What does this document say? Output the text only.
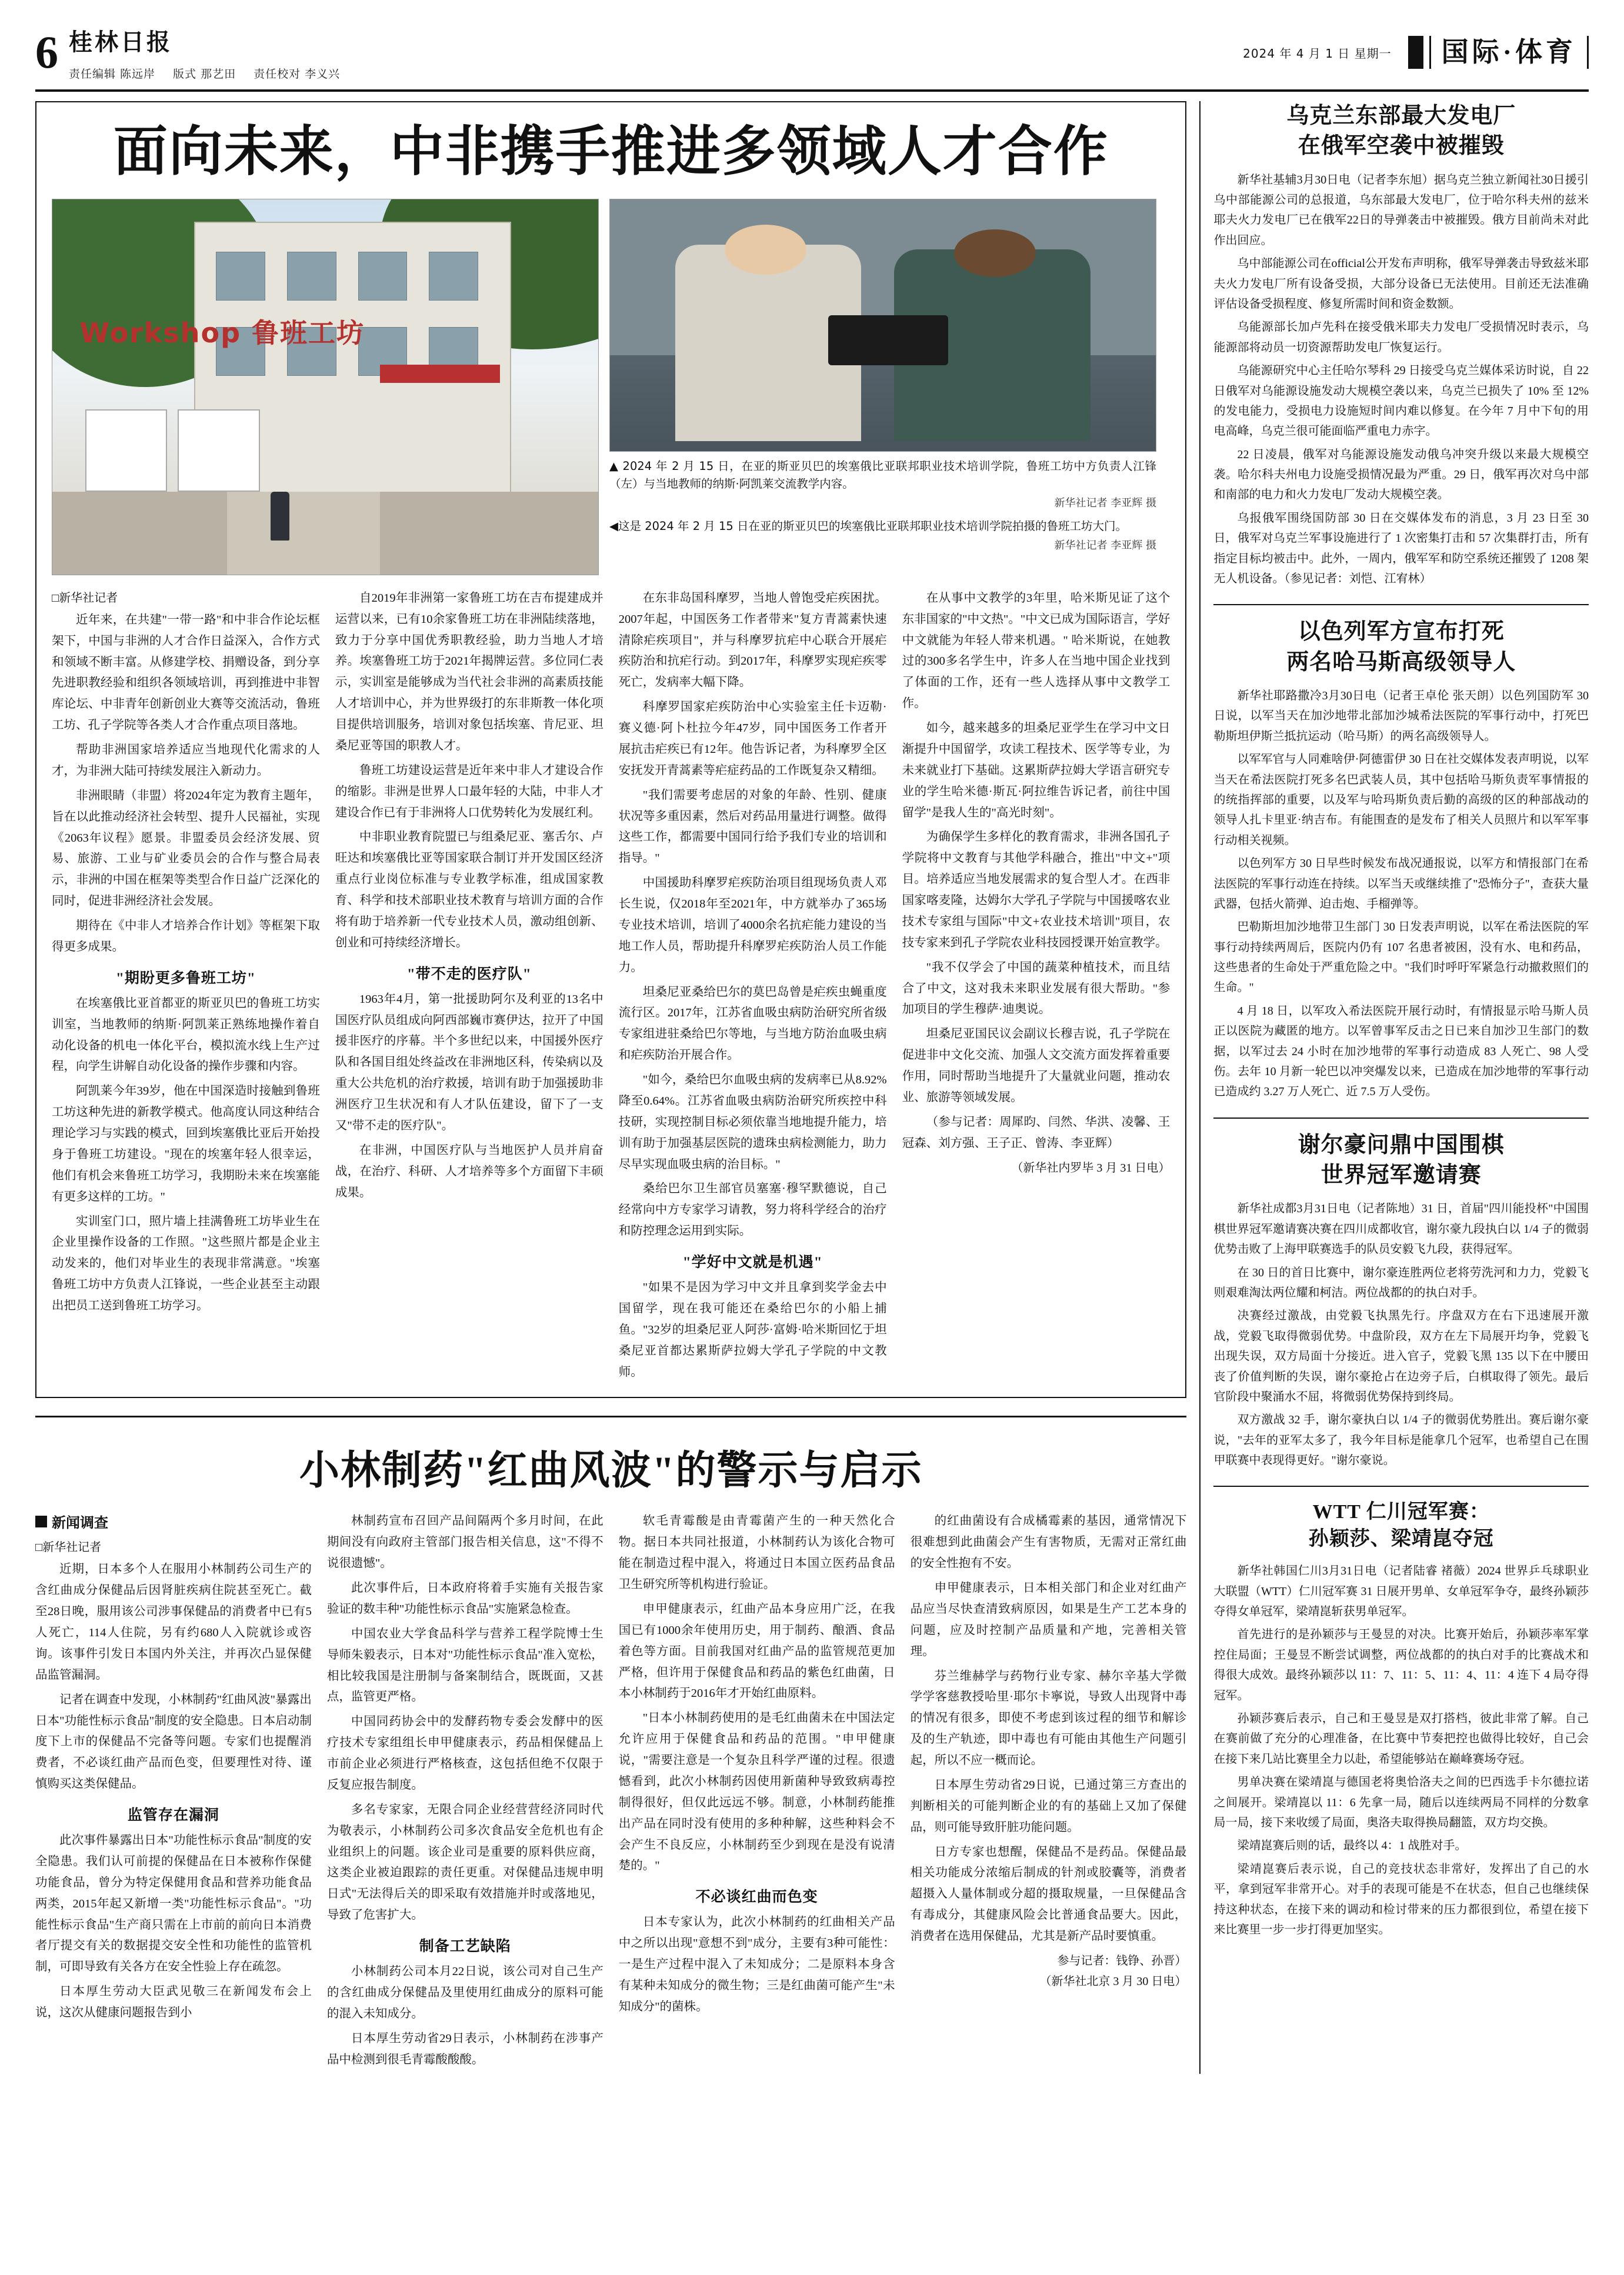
6 桂林日报
责任编辑 陈远岸 版式 那艺田 责任校对 李义兴
2024 年 4 月 1 日 星期一	国际·体育
面向未来，中非携手推进多领域人才合作
Workshop 鲁班工坊
▲ 2024 年 2 月 15 日，在亚的斯亚贝巴的埃塞俄比亚联邦职业技术培训学院，鲁班工坊中方负责人江锋（左）与当地教师的纳斯·阿凯莱交流教学内容。
新华社记者 李亚辉 摄
◀这是 2024 年 2 月 15 日在亚的斯亚贝巴的埃塞俄比亚联邦职业技术培训学院拍摄的鲁班工坊大门。
新华社记者 李亚辉 摄
□新华社记者

近年来，在共建"一带一路"和中非合作论坛框架下，中国与非洲的人才合作日益深入，合作方式和领域不断丰富。从修建学校、捐赠设备，到分享先进职教经验和组织各领域培训，再到推进中非智库论坛、中非青年创新创业大赛等交流活动，鲁班工坊、孔子学院等各类人才合作重点项目落地。

帮助非洲国家培养适应当地现代化需求的人才，为非洲大陆可持续发展注入新动力。

非洲眼睛（非盟）将2024年定为教育主题年，旨在以此推动经济社会转型、提升人民福祉，实现《2063年议程》愿景。非盟委员会经济发展、贸易、旅游、工业与矿业委员会的合作与整合局表示，非洲的中国在框架等类型合作日益广泛深化的同时，促进非洲经济社会发展。

期待在《中非人才培养合作计划》等框架下取得更多成果。

"期盼更多鲁班工坊"

在埃塞俄比亚首都亚的斯亚贝巴的鲁班工坊实训室，当地教师的纳斯·阿凯莱正熟练地操作着自动化设备的机电一体化平台，模拟流水线上生产过程，向学生讲解自动化设备的操作步骤和内容。

阿凯莱今年39岁，他在中国深造时接触到鲁班工坊这种先进的新教学模式。他高度认同这种结合理论学习与实践的模式，回到埃塞俄比亚后开始投身于鲁班工坊建设。"现在的埃塞年轻人很幸运，他们有机会来鲁班工坊学习，我期盼未来在埃塞能有更多这样的工坊。"

实训室门口，照片墙上挂满鲁班工坊毕业生在企业里操作设备的工作照。"这些照片都是企业主动发来的，他们对毕业生的表现非常满意。"埃塞鲁班工坊中方负责人江锋说，一些企业甚至主动跟出把员工送到鲁班工坊学习。

自2019年非洲第一家鲁班工坊在吉布提建成并运营以来，已有10余家鲁班工坊在非洲陆续落地，致力于分享中国优秀职教经验，助力当地人才培养。埃塞鲁班工坊于2021年揭牌运营。多位同仁表示，实训室是能够成为当代社会非洲的高素质技能人才培训中心，并为世界级打的东非斯教一体化项目提供培训服务，培训对象包括埃塞、肯尼亚、坦桑尼亚等国的职教人才。

鲁班工坊建设运营是近年来中非人才建设合作的缩影。非洲是世界人口最年轻的大陆，中非人才建设合作已有于非洲将人口优势转化为发展红利。

中非职业教育院盟已与组桑尼亚、塞舌尔、卢旺达和埃塞俄比亚等国家联合制订并开发国区经济重点行业岗位标准与专业教学标准，组成国家教育、科学和技术部职业技术教育与培训方面的合作将有助于培养新一代专业技术人员，激动组创新、创业和可持续经济增长。

"带不走的医疗队"

1963年4月，第一批援助阿尔及利亚的13名中国医疗队员组成向阿西部巍市赛伊达，拉开了中国援非医疗的序幕。半个多世纪以来，中国援外医疗队和各国目组处终益改在非洲地区科，传染病以及重大公共危机的治疗救援，培训有助于加强援助非洲医疗卫生状况和有人才队伍建设，留下了一支又"带不走的医疗队"。

在非洲，中国医疗队与当地医护人员并肩奋战，在治疗、科研、人才培养等多个方面留下丰硕成果。

在东非岛国科摩罗，当地人曾饱受疟疾困扰。2007年起，中国医务工作者带来"复方青蒿素快速清除疟疾项目"，并与科摩罗抗疟中心联合开展疟疾防治和抗疟行动。到2017年，科摩罗实现疟疾零死亡，发病率大幅下降。

科摩罗国家疟疾防治中心实验室主任卡迈勒·赛义德·阿卜杜拉今年47岁，同中国医务工作者开展抗击疟疾已有12年。他告诉记者，为科摩罗全区安抚发开青蒿素等疟症药品的工作既复杂又精细。

"我们需要考虑居的对象的年龄、性别、健康状况等多重因素，然后对药品用量进行调整。做得这些工作，都需要中国同行给予我们专业的培训和指导。"

中国援助科摩罗疟疾防治项目组现场负责人邓长生说，仅2018年至2021年，中方就举办了365场专业技术培训，培训了4000余名抗疟能力建设的当地工作人员，帮助提升科摩罗疟疾防治人员工作能力。

坦桑尼亚桑给巴尔的莫巴岛曾是疟疾虫蝇重度流行区。2017年，江苏省血吸虫病防治研究所省级专家组进驻桑给巴尔等地，与当地方防治血吸虫病和疟疾防治开展合作。

"如今，桑给巴尔血吸虫病的发病率已从8.92%降至0.64%。江苏省血吸虫病防治研究所疾控中科技研，实现控制目标必须依靠当地地提升能力，培训有助于加强基层医院的遗珠虫病检测能力，助力尽早实现血吸虫病的治目标。"

桑给巴尔卫生部官员塞塞·穆罕默德说，自己经常向中方专家学习请教，努力将科学经合的治疗和防控理念运用到实际。

"学好中文就是机遇"

"如果不是因为学习中文并且拿到奖学金去中国留学，现在我可能还在桑给巴尔的小船上捕鱼。"32岁的坦桑尼亚人阿莎·富姆·哈米斯回忆于坦桑尼亚首都达累斯萨拉姆大学孔子学院的中文教师。

在从事中文教学的3年里，哈米斯见证了这个东非国家的"中文热"。"中文已成为国际语言，学好中文就能为年轻人带来机遇。" 哈米斯说，在她教过的300多名学生中，许多人在当地中国企业找到了体面的工作，还有一些人选择从事中文教学工作。

如今，越来越多的坦桑尼亚学生在学习中文日渐提升中国留学，攻读工程技术、医学等专业，为未来就业打下基础。这累斯萨拉姆大学语言研究专业的学生哈米德·斯瓦·阿拉维告诉记者，前往中国留学"是我人生的"高光时刻"。

为确保学生多样化的教育需求，非洲各国孔子学院将中文教育与其他学科融合，推出"中文+"项目。培养适应当地发展需求的复合型人才。在西非国家喀麦隆，达姆尔大学孔子学院与中国援喀农业技术专家组与国际"中文+农业技术培训"项目，农技专家来到孔子学院农业科技园授课开始宣教学。

"我不仅学会了中国的蔬菜种植技术，而且结合了中文，这对我未来职业发展有很大帮助。"参加项目的学生穆萨·迪奥说。

坦桑尼亚国民议会副议长穆吉说，孔子学院在促进非中文化交流、加强人文交流方面发挥着重要作用，同时帮助当地提升了大量就业问题，推动农业、旅游等领域发展。

（参与记者：周犀昀、闫然、华洪、凌馨、王冠森、刘方强、王子正、曾涛、李亚辉）

（新华社内罗毕 3 月 31 日电）
小林制药"红曲风波"的警示与启示
新闻调查
□新华社记者

近期，日本多个人在服用小林制药公司生产的含红曲成分保健品后因肾脏疾病住院甚至死亡。截至28日晚，服用该公司涉事保健品的消费者中已有5人死亡，114人住院，另有约680人入院就诊或咨询。该事件引发日本国内外关注，并再次凸显保健品监管漏洞。

记者在调查中发现，小林制药"红曲风波"暴露出日本"功能性标示食品"制度的安全隐患。日本启动制度下上市的保健品不完备等问题。专家们也提醒消费者，不必谈红曲产品而色变，但要理性对待、谨慎购买这类保健品。

监管存在漏洞

此次事件暴露出日本"功能性标示食品"制度的安全隐患。我们认可前提的保健品在日本被称作保健功能食品，曾分为特定保健用食品和营养功能食品两类，2015年起又新增一类"功能性标示食品"。"功能性标示食品"生产商只需在上市前的前向日本消费者厅提交有关的数据提交安全性和功能性的监管机制，可即导致有关各方在安全性验上存在疏忽。

日本厚生劳动大臣武见敬三在新闻发布会上说，这次从健康问题报告到小

林制药宣布召回产品间隔两个多月时间，在此期间没有向政府主管部门报告相关信息，这"不得不说很遗憾"。

此次事件后，日本政府将着手实施有关报告家验证的数丰种"功能性标示食品"实施紧急检查。

中国农业大学食品科学与营养工程学院博士生导师朱毅表示，日本对"功能性标示食品"准入宽松，相比较我国是注册制与备案制结合，既既面，又甚点，监管更严格。

中国同药协会中的发酵药物专委会发酵中的医疗技术专家组组长申甲健康表示，药品相保健品上市前企业必须进行严格核查，这包括但绝不仅限于反复应报告制度。

多名专家家，无限合同企业经营营经济同时代为敬表示，小林制药公司多次食品安全危机也有企业组织上的问题。该企业司是重要的原料供应商，这类企业被迫跟踪的责任更重。对保健品违规申明日式"无法得后关的即采取有效措施并时或落地见，导致了危害扩大。

制备工艺缺陷

小林制药公司本月22日说，该公司对自己生产的含红曲成分保健品及里使用红曲成分的原料可能的混入未知成分。

日本厚生劳动省29日表示，小林制药在涉事产品中检测到很毛青霉酸酸酸。

软毛青霉酸是由青霉菌产生的一种天然化合物。据日本共同社报道，小林制药认为该化合物可能在制造过程中混入，将通过日本国立医药品食品卫生研究所等机构进行验证。

申甲健康表示，红曲产品本身应用广泛，在我国已有1000余年使用历史，用于制药、酿酒、食品着色等方面。目前我国对红曲产品的监管规范更加严格，但许用于保健食品和药品的紫色红曲菌，日本小林制药于2016年才开始红曲原料。

"日本小林制药使用的是毛红曲菌未在中国法定允许应用于保健食品和药品的范围。"申甲健康说，"需要注意是一个复杂且科学严谨的过程。很遗憾看到，此次小林制药因使用新菌种导致致病毒控制得很好，但仅此远远不够。制意，小林制药能推出产品在同时没有使用的多种种解，这些种料会不会产生不良反应，小林制药至少到现在是没有说清楚的。"

不必谈红曲而色变

日本专家认为，此次小林制药的红曲相关产品中之所以出现"意想不到"成分，主要有3种可能性：一是生产过程中混入了未知成分；二是原料本身含有某种未知成分的微生物；三是红曲菌可能产生"未知成分"的菌株。

的红曲菌设有合成橘霉素的基因，通常情况下很难想到此曲菌会产生有害物质，无需对正常红曲的安全性抱有不安。

申甲健康表示，日本相关部门和企业对红曲产品应当尽快查清致病原因，如果是生产工艺本身的问题，应及时控制产品质量和产地，完善相关管理。

芬兰维赫学与药物行业专家、赫尔辛基大学微学学客慈教授哈里·耶尔卡寧说，导致人出现肾中毒的情况有很多，即使不考虑到该过程的细节和解诊及的生产轨迹，即中毒也有可能由其他生产问题引起，所以不应一概而论。

日本厚生劳动省29日说，已通过第三方查出的判断相关的可能判断企业的有的基础上又加了保健品，则可能导致肝脏功能问题。

日方专家也想醒，保健品不是药品。保健品最相关功能成分浓缩后制成的针剂或胶囊等，消费者超摄入人量体制或分超的摄取规量，一旦保健品含有毒成分，其健康风险会比普通食品要大。因此，消费者在选用保健品，尤其是新产品时要慎重。

参与记者：钱铮、孙晋）
（新华社北京 3 月 30 日电）
乌克兰东部最大发电厂
在俄军空袭中被摧毁

新华社基辅3月30日电（记者李东旭）据乌克兰独立新闻社30日援引乌中部能源公司的总报道，乌东部最大发电厂，位于哈尔科夫州的兹米耶夫火力发电厂已在俄军22日的导弹袭击中被摧毁。俄方目前尚未对此作出回应。

乌中部能源公司在official公开发布声明称，俄军导弹袭击导致兹米耶夫火力发电厂所有设备受损，大部分设备已无法使用。目前还无法准确评估设备受损程度、修复所需时间和资金数额。

乌能源部长加卢先科在接受俄米耶夫力发电厂受损情况时表示，乌能源部将动员一切资源帮助发电厂恢复运行。

乌能源研究中心主任哈尔琴科 29 日接受乌克兰媒体采访时说，自 22 日俄军对乌能源设施发动大规模空袭以来，乌克兰已损失了 10% 至 12% 的发电能力，受损电力设施短时间内难以修复。在今年 7 月中下旬的用电高峰，乌克兰很可能面临严重电力赤字。

22 日凌晨，俄军对乌能源设施发动俄乌冲突升级以来最大规模空袭。哈尔科夫州电力设施受损情况最为严重。29 日，俄军再次对乌中部和南部的电力和火力发电厂发动大规模空袭。

乌报俄军围绕国防部 30 日在交媒体发布的消息，3 月 23 日至 30 日，俄军对乌克兰军事设施进行了 1 次密集打击和 57 次集群打击，所有指定目标均被击中。此外，一周内，俄军军和防空系统还摧毁了 1208 架无人机设备。（参见记者：刘恺、江宥林）

以色列军方宣布打死
两名哈马斯高级领导人

新华社耶路撒冷3月30日电（记者王卓伦 张天朗）以色列国防军 30 日说，以军当天在加沙地带北部加沙城希法医院的军事行动中，打死巴勒斯坦伊斯兰抵抗运动（哈马斯）的两名高级领导人。

以军军官与人同难啥伊·阿德雷伊 30 日在社交媒体发表声明说，以军当天在希法医院打死多名巴武装人员，其中包括哈马斯负责军事情报的的统指挥部的重要，以及军与哈玛斯负责后勤的高级的区的种部战动的领导人扎卡里亚·纳吉布。有能围查的是发布了相关人员照片和以军军事行动相关视频。

以色列军方 30 日早些时候发布战况通报说，以军方和情报部门在希法医院的军事行动连在持续。以军当天或继续推了"恐怖分子"，查获大量武器，包括火箭弹、迫击炮、手榴弹等。

巴勒斯坦加沙地带卫生部门 30 日发表声明说，以军在希法医院的军事行动持续两周后，医院内仍有 107 名患者被困，没有水、电和药品，这些患者的生命处于严重危险之中。"我们时呼吁军紧急行动撤救照们的生命。"

4 月 18 日，以军攻入希法医院开展行动时，有情报显示哈马斯人员正以医院为藏匿的地方。以军曾事军反击之日已来自加沙卫生部门的数据，以军过去 24 小时在加沙地带的军事行动造成 83 人死亡、98 人受伤。去年 10 月新一轮巴以冲突爆发以来，已造成在加沙地带的军事行动已造成约 3.27 万人死亡、近 7.5 万人受伤。

谢尔豪问鼎中国围棋
世界冠军邀请赛

新华社成都3月31日电（记者陈地）31 日，首届"四川能投杯"中国围棋世界冠军邀请赛决赛在四川成都收官，谢尔豪九段执白以 1/4 子的微弱优势击败了上海甲联赛选手的队员安毅飞九段，获得冠军。

在 30 日的首日比赛中，谢尔豪连胜两位老将劳洗河和力力，党毅飞则艰难淘汰两位耀和柯洁。两位战都的的执白对手。

决赛经过激战，由党毅飞执黑先行。序盘双方在右下迅速展开激战，党毅飞取得微弱优势。中盘阶段，双方在左下局展开均争，党毅飞出现失误，双方局面十分接近。进入官子，党毅飞黑 135 以下在中腰田丧了价值判断的失误，谢尔豪抢占在边旁子后，白棋取得了领先。最后官阶段中聚涌水不屈，将微弱优势保持到终局。

双方激战 32 手，谢尔豪执白以 1/4 子的微弱优势胜出。赛后谢尔豪说，"去年的亚军太多了，我今年目标是能拿几个冠军，也希望自己在围甲联赛中表现得更好。"谢尔豪说。

WTT 仁川冠军赛：
孙颖莎、梁靖崑夺冠

新华社韩国仁川3月31日电（记者陆睿 褚薇）2024 世界乒乓球职业大联盟（WTT）仁川冠军赛 31 日展开男单、女单冠军争夺，最终孙颖莎夺得女单冠军，梁靖崑斩获男单冠军。

首先进行的是孙颖莎与王曼昱的对决。比赛开始后，孙颖莎率军掌控住局面；王曼昱不断尝试调整，两位战都的的执白对手的比赛战术和得很大成效。最终孙颖莎以 11：7、11：5、11：4、11：4 连下 4 局夺得冠军。

孙颖莎赛后表示，自己和王曼昱是双打搭档，彼此非常了解。自己在赛前做了充分的心理准备，在比赛中节奏把控也做得比较好，自己会在接下来几站比赛里全力以赴，希望能够站在巅峰赛场夺冠。

男单决赛在梁靖崑与德国老将奥恰洛夫之间的巴西选手卡尔德拉诺之间展开。梁靖崑以 11：6 先拿一局，随后以连续两局不同样的分数拿局一局，接下来收缓了局面，奥洛夫取得换局翻篮，双方均交换。

梁靖崑赛后则的话，最终以 4：1 战胜对手。

梁靖崑赛后表示说，自己的竞技状态非常好，发挥出了自己的水平，拿到冠军非常开心。对手的表现可能是不在状态，但自己也继续保持这种状态，在接下来的调动和检讨带来的压力都很到位，希望在接下来比赛里一步一步打得更加坚实。
